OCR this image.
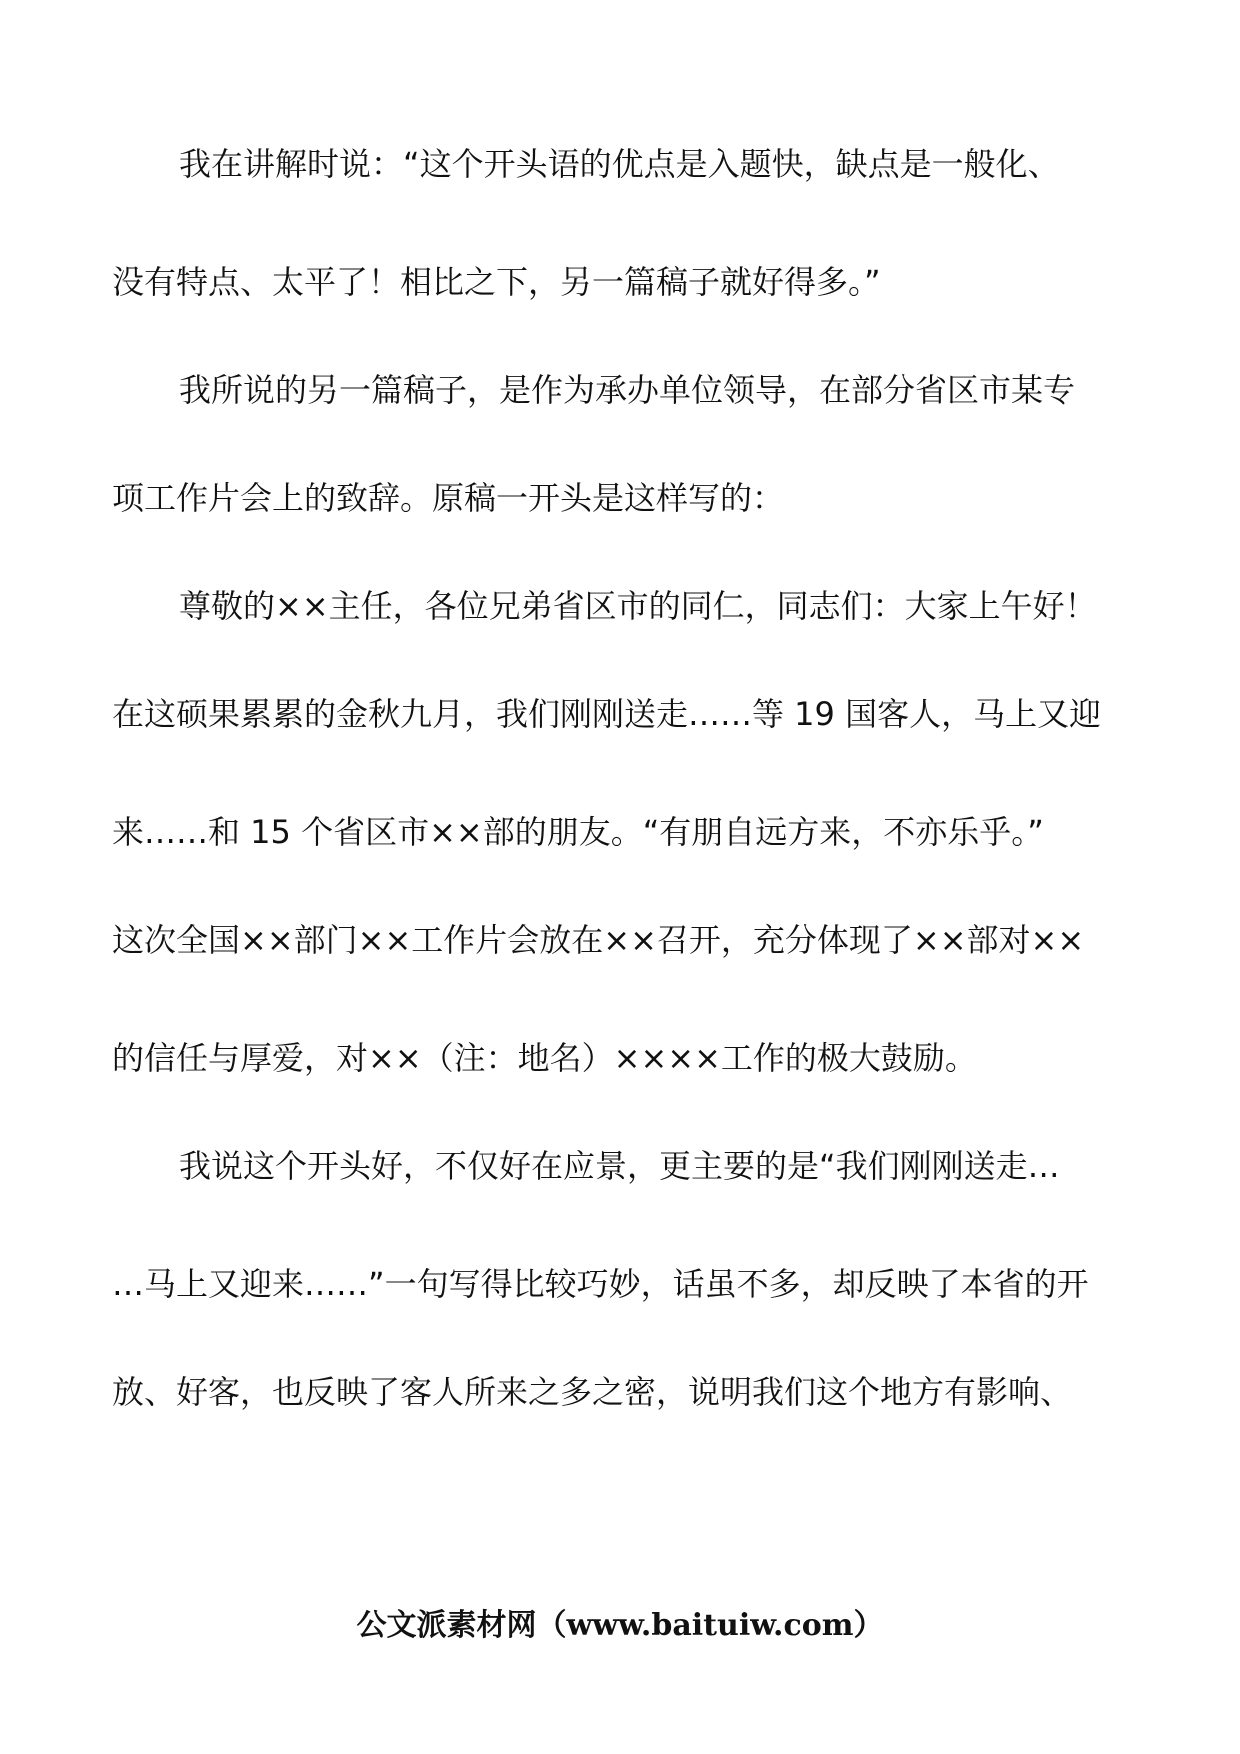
我在讲解时说：“这个开头语的优点是入题快，缺点是一般化、
没有特点、太平了！相比之下，另一篇稿子就好得多。”
我所说的另一篇稿子，是作为承办单位领导，在部分省区市某专
项工作片会上的致辞。原稿一开头是这样写的：
尊敬的××主任，各位兄弟省区市的同仁，同志们：大家上午好！
在这硕果累累的金秋九月，我们刚刚送走……等 19 国客人，马上又迎
来……和 15 个省区市××部的朋友。“有朋自远方来，不亦乐乎。”
这次全国××部门××工作片会放在××召开，充分体现了××部对××
的信任与厚爱，对××（注：地名）××××工作的极大鼓励。
我说这个开头好，不仅好在应景，更主要的是“我们刚刚送走…
…马上又迎来……”一句写得比较巧妙，话虽不多，却反映了本省的开
放、好客，也反映了客人所来之多之密，说明我们这个地方有影响、
公文派素材网（www.baituiw.com）
